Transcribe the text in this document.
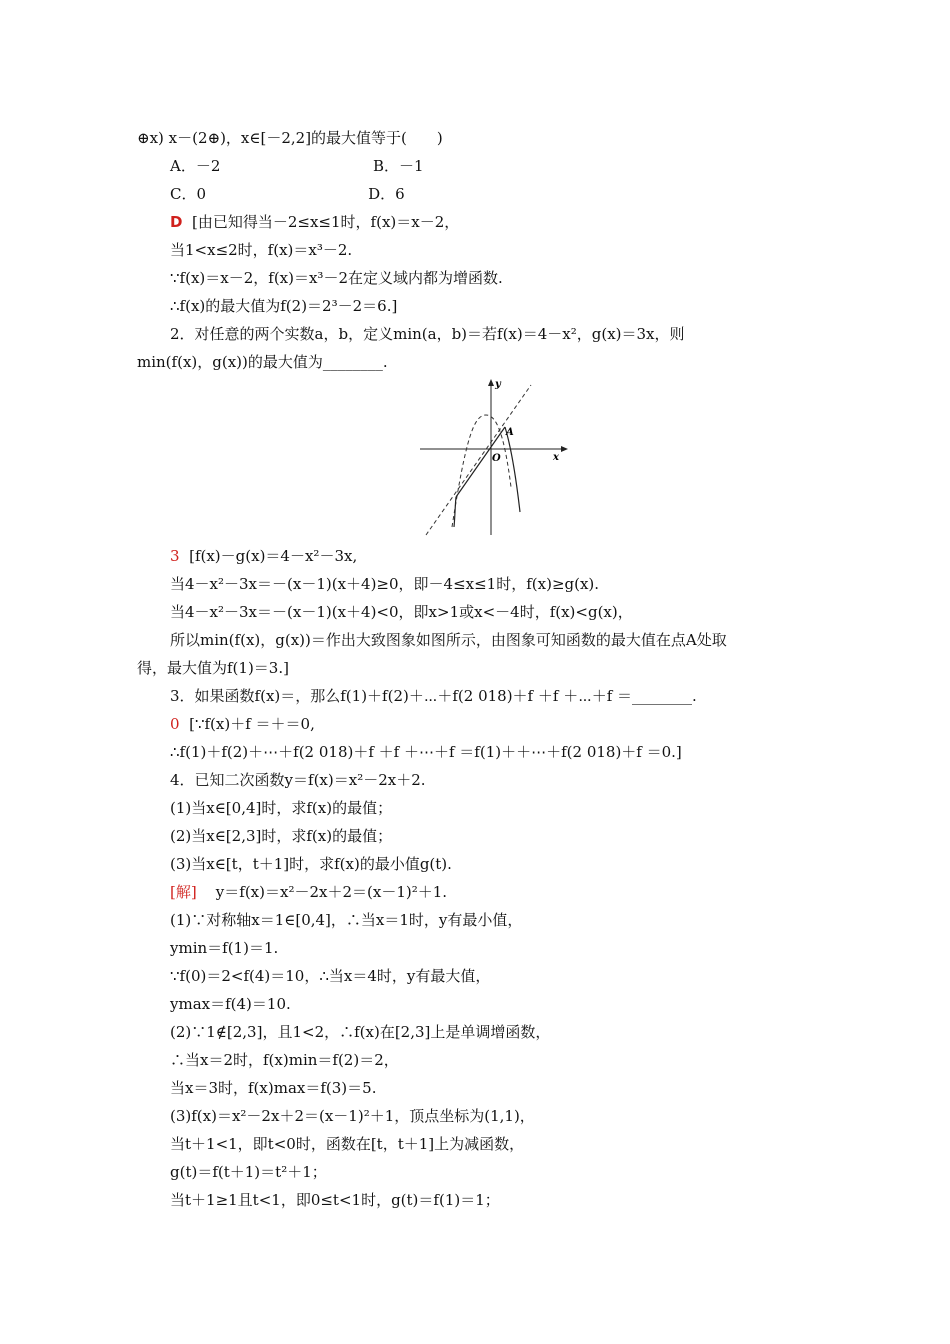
⊕x) x－(2⊕)，x∈[－2,2]的最大值等于(　　)
A．－2                                B．－1
C．0                                  D．6
D [由已知得当－2≤x≤1时，f(x)＝x－2，
当1<x≤2时，f(x)＝x³－2.
∵f(x)＝x－2，f(x)＝x³－2在定义域内都为增函数.
∴f(x)的最大值为f(2)＝2³－2＝6.]
2．对任意的两个实数a，b，定义min(a，b)＝若f(x)＝4－x²，g(x)＝3x，则
min(f(x)，g(x))的最大值为________.
3 [f(x)－g(x)＝4－x²－3x,
当4－x²－3x＝－(x－1)(x＋4)≥0，即－4≤x≤1时，f(x)≥g(x).
当4－x²－3x＝－(x－1)(x＋4)<0，即x>1或x<－4时，f(x)<g(x)，
所以min(f(x)，g(x))＝作出大致图象如图所示，由图象可知函数的最大值在点A处取
得，最大值为f(1)＝3.]
3．如果函数f(x)＝，那么f(1)＋f(2)＋⋯＋f(2 018)＋f ＋f ＋⋯＋f ＝________.
0 [∵f(x)＋f ＝＋＝0,
∴f(1)＋f(2)＋⋯＋f(2 018)＋f ＋f ＋⋯＋f ＝f(1)＋＋⋯＋f(2 018)＋f ＝0.]
4．已知二次函数y＝f(x)＝x²－2x＋2.
(1)当x∈[0,4]时，求f(x)的最值；
(2)当x∈[2,3]时，求f(x)的最值；
(3)当x∈[t，t＋1]时，求f(x)的最小值g(t).
[解]    y＝f(x)＝x²－2x＋2＝(x－1)²＋1.
(1)∵对称轴x＝1∈[0,4]，∴当x＝1时，y有最小值，
ymin＝f(1)＝1.
∵f(0)＝2<f(4)＝10，∴当x＝4时，y有最大值，
ymax＝f(4)＝10.
(2)∵1∉[2,3]，且1<2，∴f(x)在[2,3]上是单调增函数，
∴当x＝2时，f(x)min＝f(2)＝2，
当x＝3时，f(x)max＝f(3)＝5.
(3)f(x)＝x²－2x＋2＝(x－1)²＋1，顶点坐标为(1,1)，
当t＋1<1，即t<0时，函数在[t，t＋1]上为减函数，
g(t)＝f(t＋1)＝t²＋1；
当t＋1≥1且t<1，即0≤t<1时，g(t)＝f(1)＝1；
y
x
O
A
